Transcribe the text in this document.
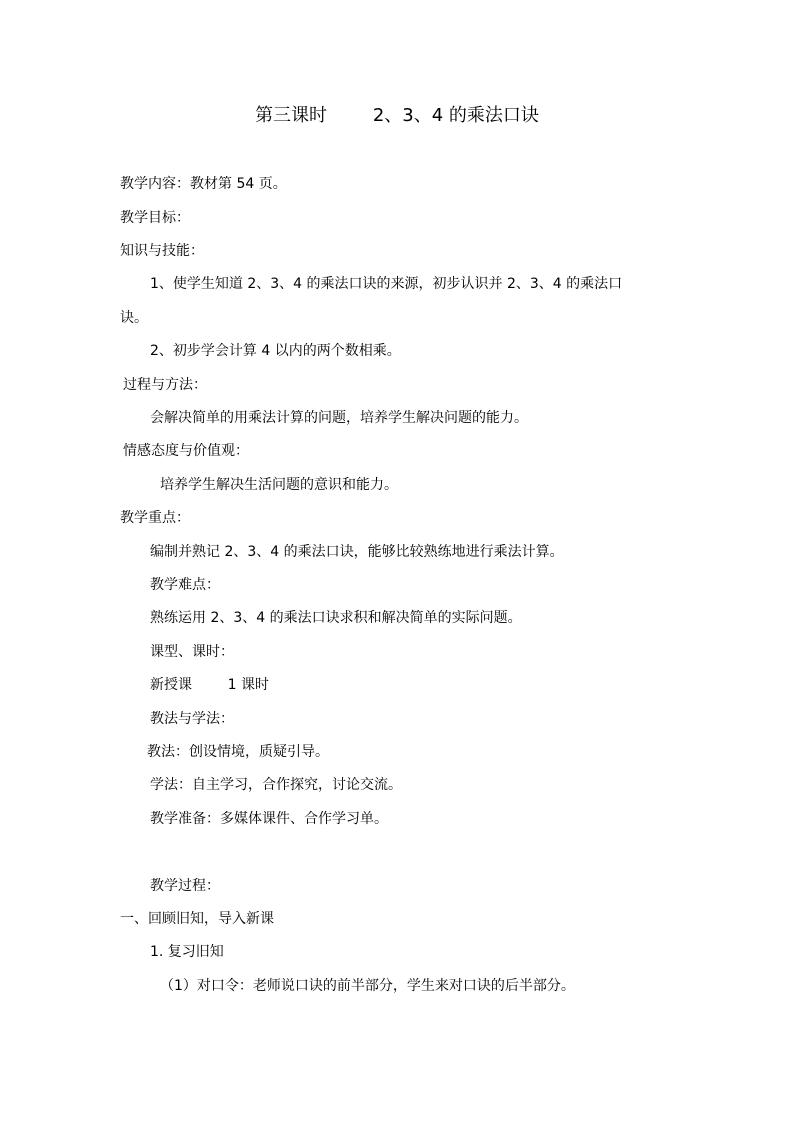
第三课时        2、3、4 的乘法口诀
教学内容：教材第 54 页。
教学目标：
知识与技能：
1、使学生知道 2、3、4 的乘法口诀的来源，初步认识并 2、3、4 的乘法口
诀。
2、初步学会计算 4 以内的两个数相乘。
过程与方法：
会解决简单的用乘法计算的问题，培养学生解决问题的能力。
情感态度与价值观：
培养学生解决生活问题的意识和能力。
教学重点：
编制并熟记 2、3、4 的乘法口诀，能够比较熟练地进行乘法计算。
教学难点：
熟练运用 2、3、4 的乘法口诀求积和解决简单的实际问题。
课型、课时：
新授课        1 课时
教法与学法：
教法：创设情境，质疑引导。
学法：自主学习，合作探究，讨论交流。
教学准备：多媒体课件、合作学习单。
教学过程：
一、回顾旧知，导入新课
1. 复习旧知
（1）对口令：老师说口诀的前半部分，学生来对口诀的后半部分。
